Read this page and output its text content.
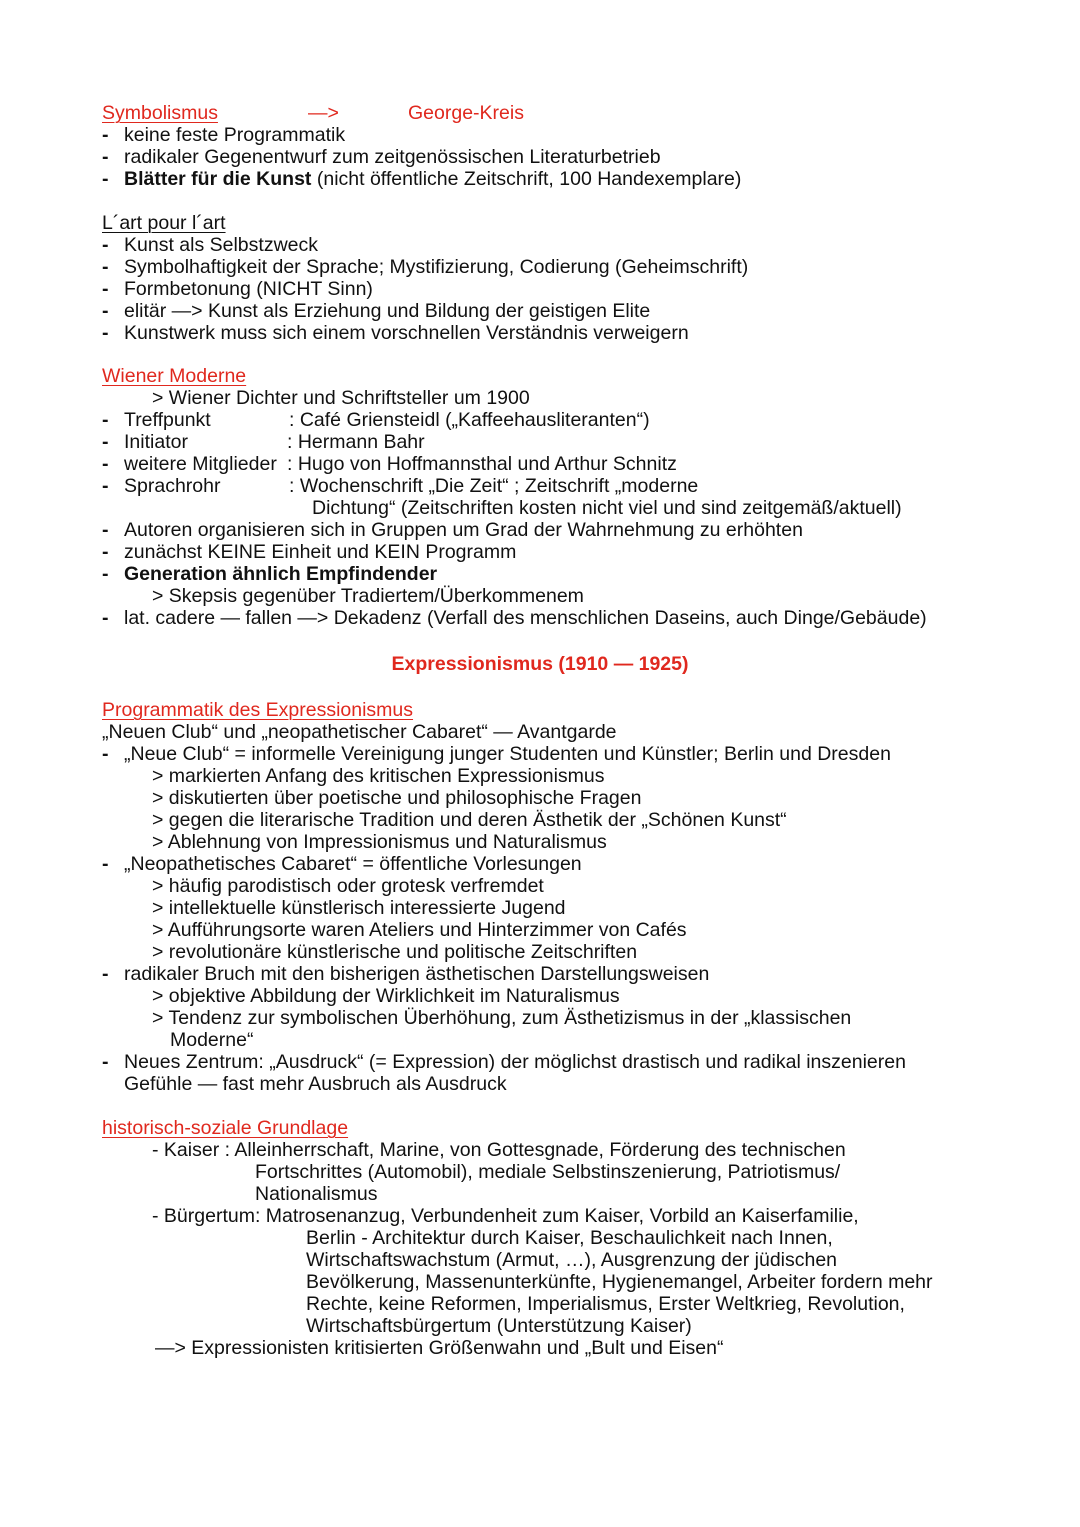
Symbolismus	—>	George-Kreis
- keine feste Programmatik
- radikaler Gegenentwurf zum zeitgenössischen Literaturbetrieb
- Blätter für die Kunst (nicht öffentliche Zeitschrift, 100 Handexemplare)
L´art pour l´art
- Kunst als Selbstzweck
- Symbolhaftigkeit der Sprache; Mystifizierung, Codierung (Geheimschrift)
- Formbetonung (NICHT Sinn)
- elitär —> Kunst als Erziehung und Bildung der geistigen Elite
- Kunstwerk muss sich einem vorschnellen Verständnis verweigern
Wiener Moderne
> Wiener Dichter und Schriftsteller um 1900
- Treffpunkt	: Café Griensteidl („Kaffeehausliteranten“)
- Initiator	: Hermann Bahr
- weitere Mitglieder : Hugo von Hoffmannsthal und Arthur Schnitz
- Sprachrohr	: Wochenschrift „Die Zeit“ ; Zeitschrift „moderne
Dichtung“ (Zeitschriften kosten nicht viel und sind zeitgemäß/aktuell)
- Autoren organisieren sich in Gruppen um Grad der Wahrnehmung zu erhöhten
- zunächst KEINE Einheit und KEIN Programm
- Generation ähnlich Empfindender
> Skepsis gegenüber Tradiertem/Überkommenem
- lat. cadere — fallen —> Dekadenz (Verfall des menschlichen Daseins, auch Dinge/Gebäude)
Expressionismus (1910 — 1925)
Programmatik des Expressionismus
„Neuen Club“ und „neopathetischer Cabaret“ — Avantgarde
- „Neue Club“ = informelle Vereinigung junger Studenten und Künstler; Berlin und Dresden
> markierten Anfang des kritischen Expressionismus
> diskutierten über poetische und philosophische Fragen
> gegen die literarische Tradition und deren Ästhetik der „Schönen Kunst“
> Ablehnung von Impressionismus und Naturalismus
- „Neopathetisches Cabaret“ = öffentliche Vorlesungen
> häufig parodistisch oder grotesk verfremdet
> intellektuelle künstlerisch interessierte Jugend
> Aufführungsorte waren Ateliers und Hinterzimmer von Cafés
> revolutionäre künstlerische und politische Zeitschriften
- radikaler Bruch mit den bisherigen ästhetischen Darstellungsweisen
> objektive Abbildung der Wirklichkeit im Naturalismus
> Tendenz zur symbolischen Überhöhung, zum Ästhetizismus in der „klassischen
Moderne“
- Neues Zentrum: „Ausdruck“ (= Expression) der möglichst drastisch und radikal inszenieren
Gefühle — fast mehr Ausbruch als Ausdruck
historisch-soziale Grundlage
- Kaiser : Alleinherrschaft, Marine, von Gottesgnade, Förderung des technischen
Fortschrittes (Automobil), mediale Selbstinszenierung, Patriotismus/
Nationalismus
- Bürgertum: Matrosenanzug, Verbundenheit zum Kaiser, Vorbild an Kaiserfamilie,
Berlin - Architektur durch Kaiser, Beschaulichkeit nach Innen,
Wirtschaftswachstum (Armut, …), Ausgrenzung der jüdischen
Bevölkerung, Massenunterkünfte, Hygienemangel, Arbeiter fordern mehr
Rechte, keine Reformen, Imperialismus, Erster Weltkrieg, Revolution,
Wirtschaftsbürgertum (Unterstützung Kaiser)
—> Expressionisten kritisierten Größenwahn und „Bult und Eisen“
